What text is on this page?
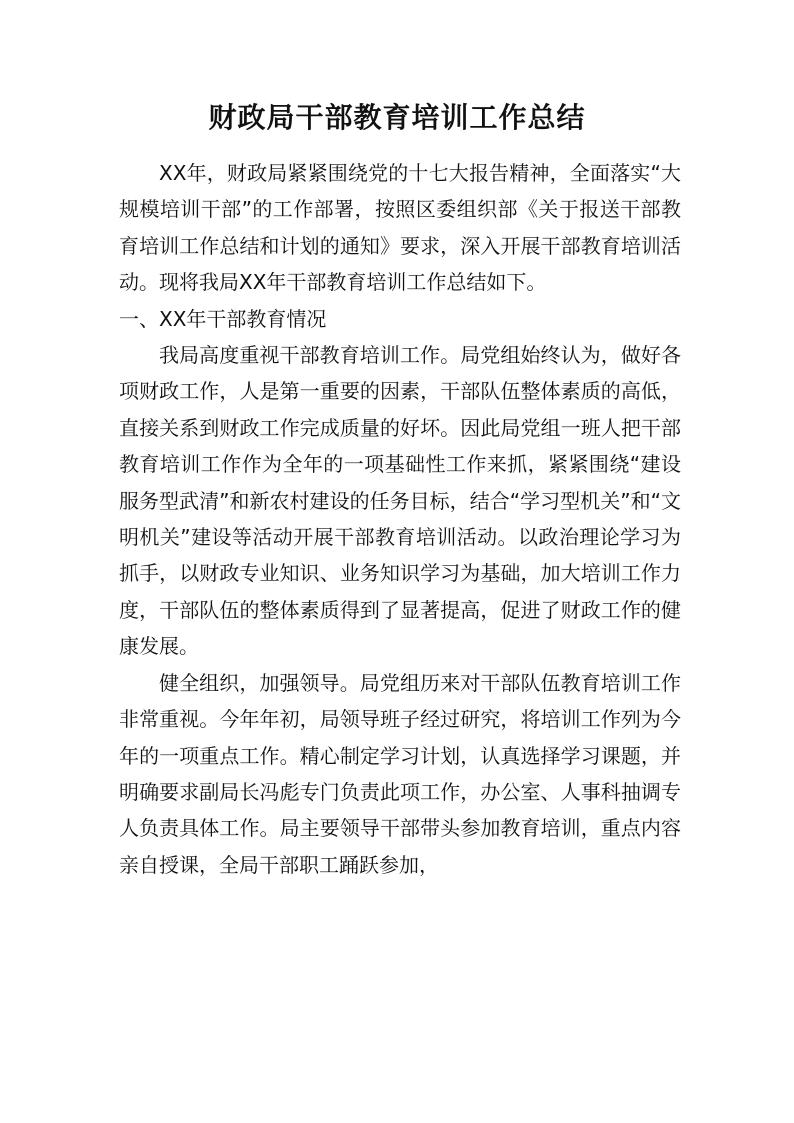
财政局干部教育培训工作总结

XX年，财政局紧紧围绕党的十七大报告精神，全面落实“大规模培训干部”的工作部署，按照区委组织部《关于报送干部教育培训工作总结和计划的通知》要求，深入开展干部教育培训活动。现将我局XX年干部教育培训工作总结如下。

一、XX年干部教育情况

我局高度重视干部教育培训工作。局党组始终认为，做好各项财政工作，人是第一重要的因素，干部队伍整体素质的高低，直接关系到财政工作完成质量的好坏。因此局党组一班人把干部教育培训工作作为全年的一项基础性工作来抓，紧紧围绕“建设服务型武清”和新农村建设的任务目标，结合“学习型机关”和“文明机关”建设等活动开展干部教育培训活动。以政治理论学习为抓手，以财政专业知识、业务知识学习为基础，加大培训工作力度，干部队伍的整体素质得到了显著提高，促进了财政工作的健康发展。

健全组织，加强领导。局党组历来对干部队伍教育培训工作非常重视。今年年初，局领导班子经过研究，将培训工作列为今年的一项重点工作。精心制定学习计划，认真选择学习课题，并明确要求副局长冯彪专门负责此项工作，办公室、人事科抽调专人负责具体工作。局主要领导干部带头参加教育培训，重点内容亲自授课，全局干部职工踊跃参加，
